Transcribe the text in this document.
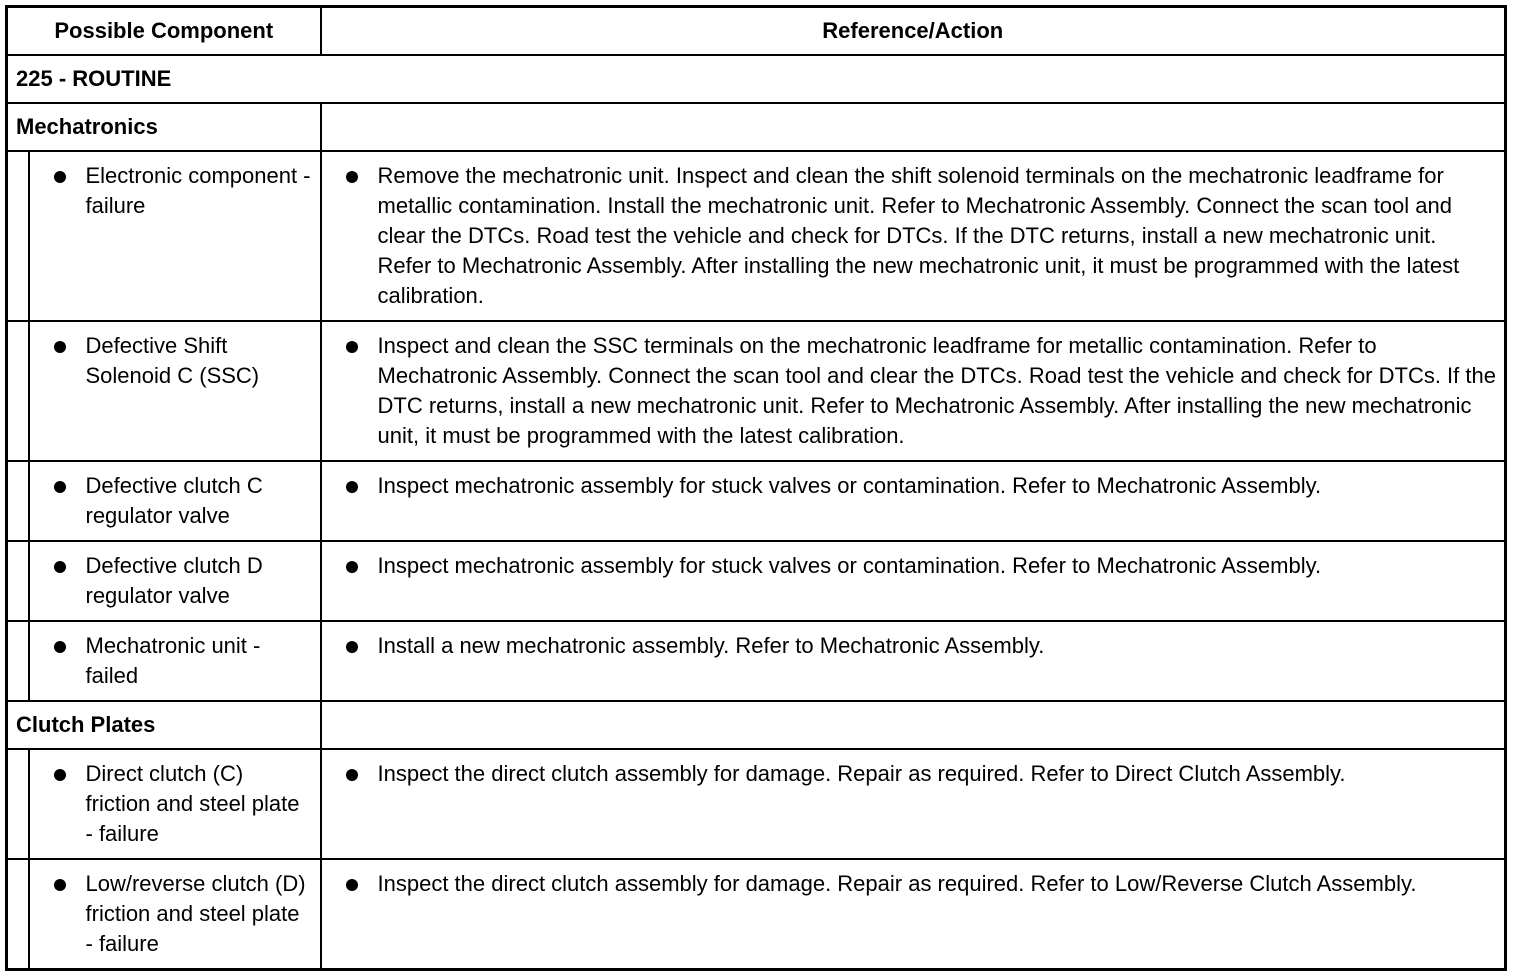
Possible Component		Reference/Action
225 - ROUTINE		
Mechatronics		

	Electronic component - failure	Remove the mechatronic unit. Inspect and clean the shift solenoid terminals on the mechatronic leadframe for metallic contamination. Install the mechatronic unit. Refer to Mechatronic Assembly. Connect the scan tool and clear the DTCs. Road test the vehicle and check for DTCs. If the DTC returns, install a new mechatronic unit. Refer to Mechatronic Assembly. After installing the new mechatronic unit, it must be programmed with the latest calibration.

	Defective Shift Solenoid C (SSC)	Inspect and clean the SSC terminals on the mechatronic leadframe for metallic contamination. Refer to Mechatronic Assembly. Connect the scan tool and clear the DTCs. Road test the vehicle and check for DTCs. If the DTC returns, install a new mechatronic unit. Refer to Mechatronic Assembly. After installing the new mechatronic unit, it must be programmed with the latest calibration.

	Defective clutch C regulator valve	Inspect mechatronic assembly for stuck valves or contamination. Refer to Mechatronic Assembly.

	Defective clutch D regulator valve	Inspect mechatronic assembly for stuck valves or contamination. Refer to Mechatronic Assembly.

	Mechatronic unit - failed	Install a new mechatronic assembly. Refer to Mechatronic Assembly.

Clutch Plates		

	Direct clutch (C) friction and steel plate - failure	Inspect the direct clutch assembly for damage. Repair as required. Refer to Direct Clutch Assembly.

	Low/reverse clutch (D) friction and steel plate - failure	Inspect the direct clutch assembly for damage. Repair as required. Refer to Low/Reverse Clutch Assembly.
